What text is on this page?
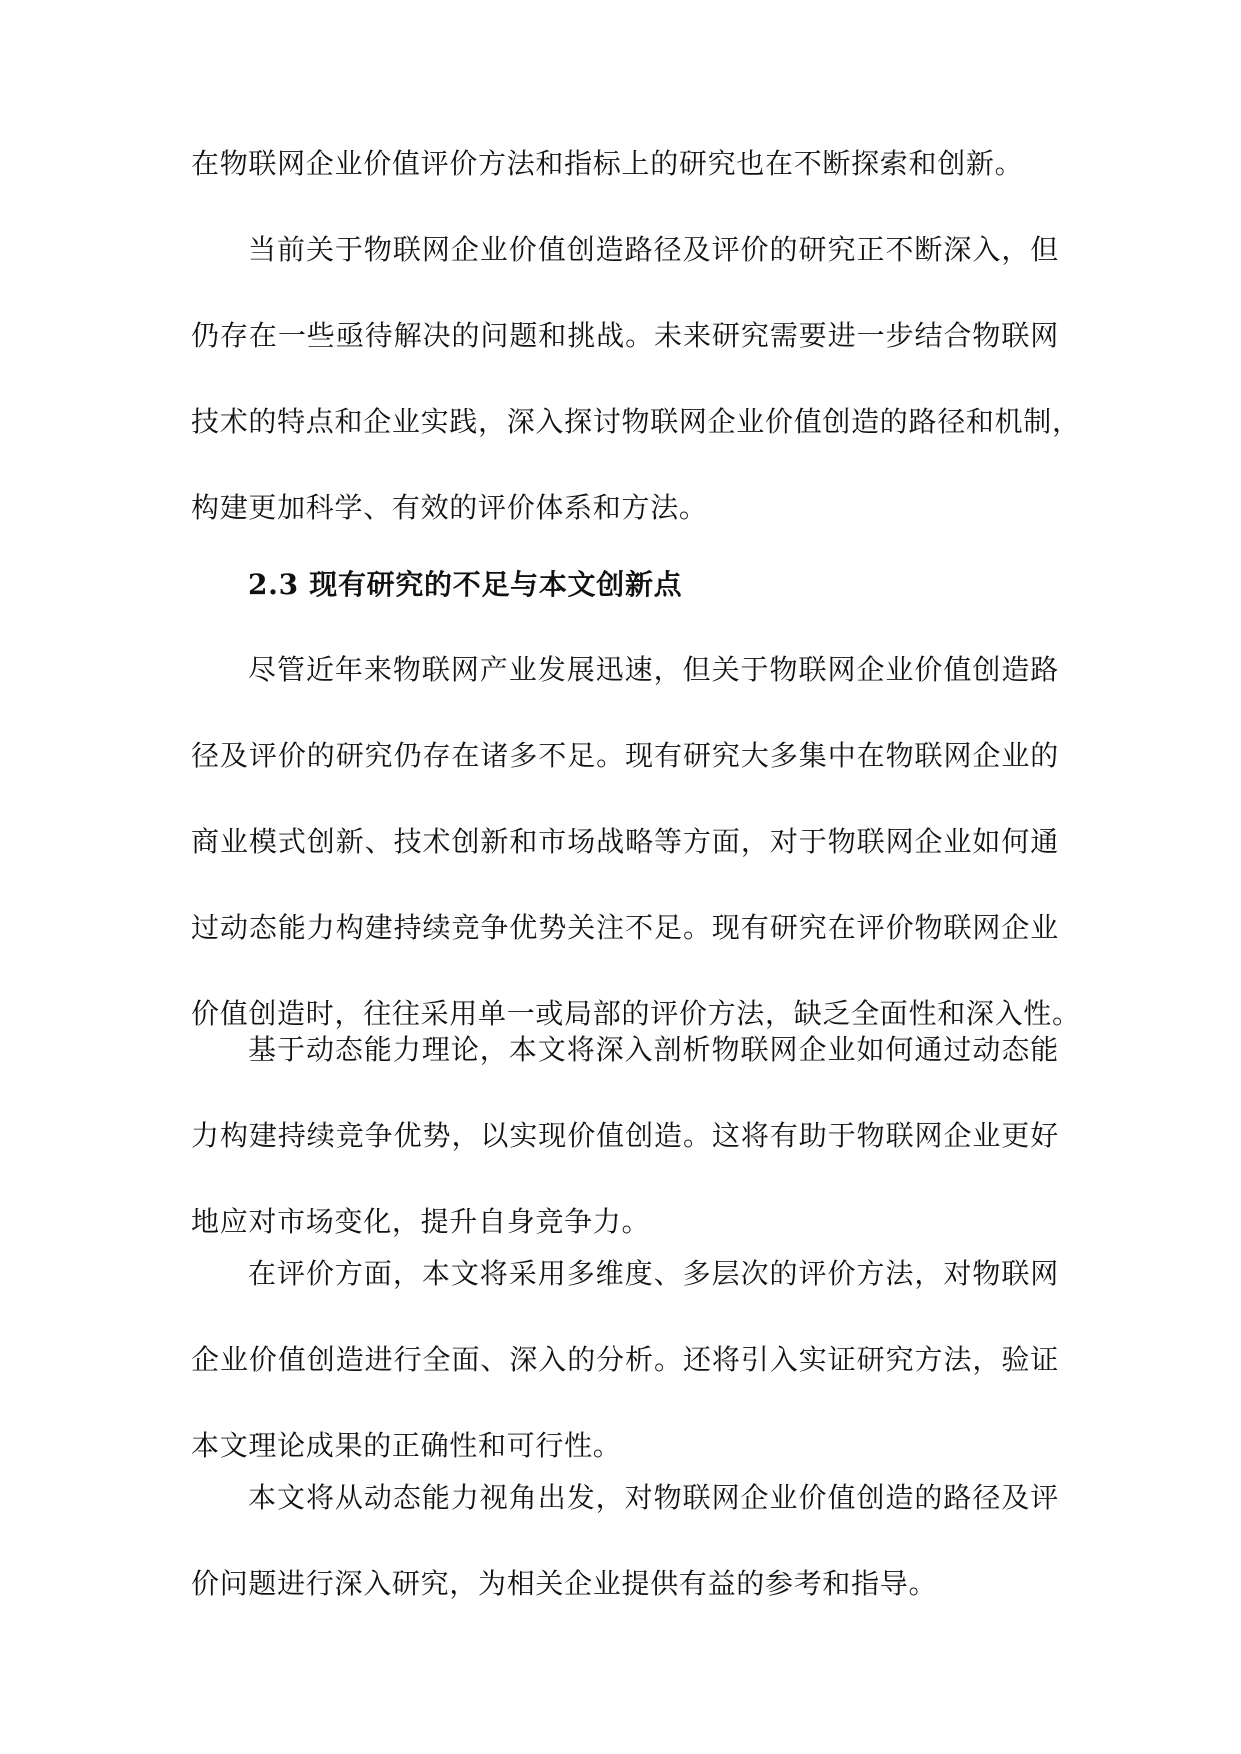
在物联网企业价值评价方法和指标上的研究也在不断探索和创新。
当前关于物联网企业价值创造路径及评价的研究正不断深入，但
仍存在一些亟待解决的问题和挑战。未来研究需要进一步结合物联网
技术的特点和企业实践，深入探讨物联网企业价值创造的路径和机制，
构建更加科学、有效的评价体系和方法。
2.3 现有研究的不足与本文创新点
尽管近年来物联网产业发展迅速，但关于物联网企业价值创造路
径及评价的研究仍存在诸多不足。现有研究大多集中在物联网企业的
商业模式创新、技术创新和市场战略等方面，对于物联网企业如何通
过动态能力构建持续竞争优势关注不足。现有研究在评价物联网企业
价值创造时，往往采用单一或局部的评价方法，缺乏全面性和深入性。
基于动态能力理论，本文将深入剖析物联网企业如何通过动态能
力构建持续竞争优势，以实现价值创造。这将有助于物联网企业更好
地应对市场变化，提升自身竞争力。
在评价方面，本文将采用多维度、多层次的评价方法，对物联网
企业价值创造进行全面、深入的分析。还将引入实证研究方法，验证
本文理论成果的正确性和可行性。
本文将从动态能力视角出发，对物联网企业价值创造的路径及评
价问题进行深入研究，为相关企业提供有益的参考和指导。
